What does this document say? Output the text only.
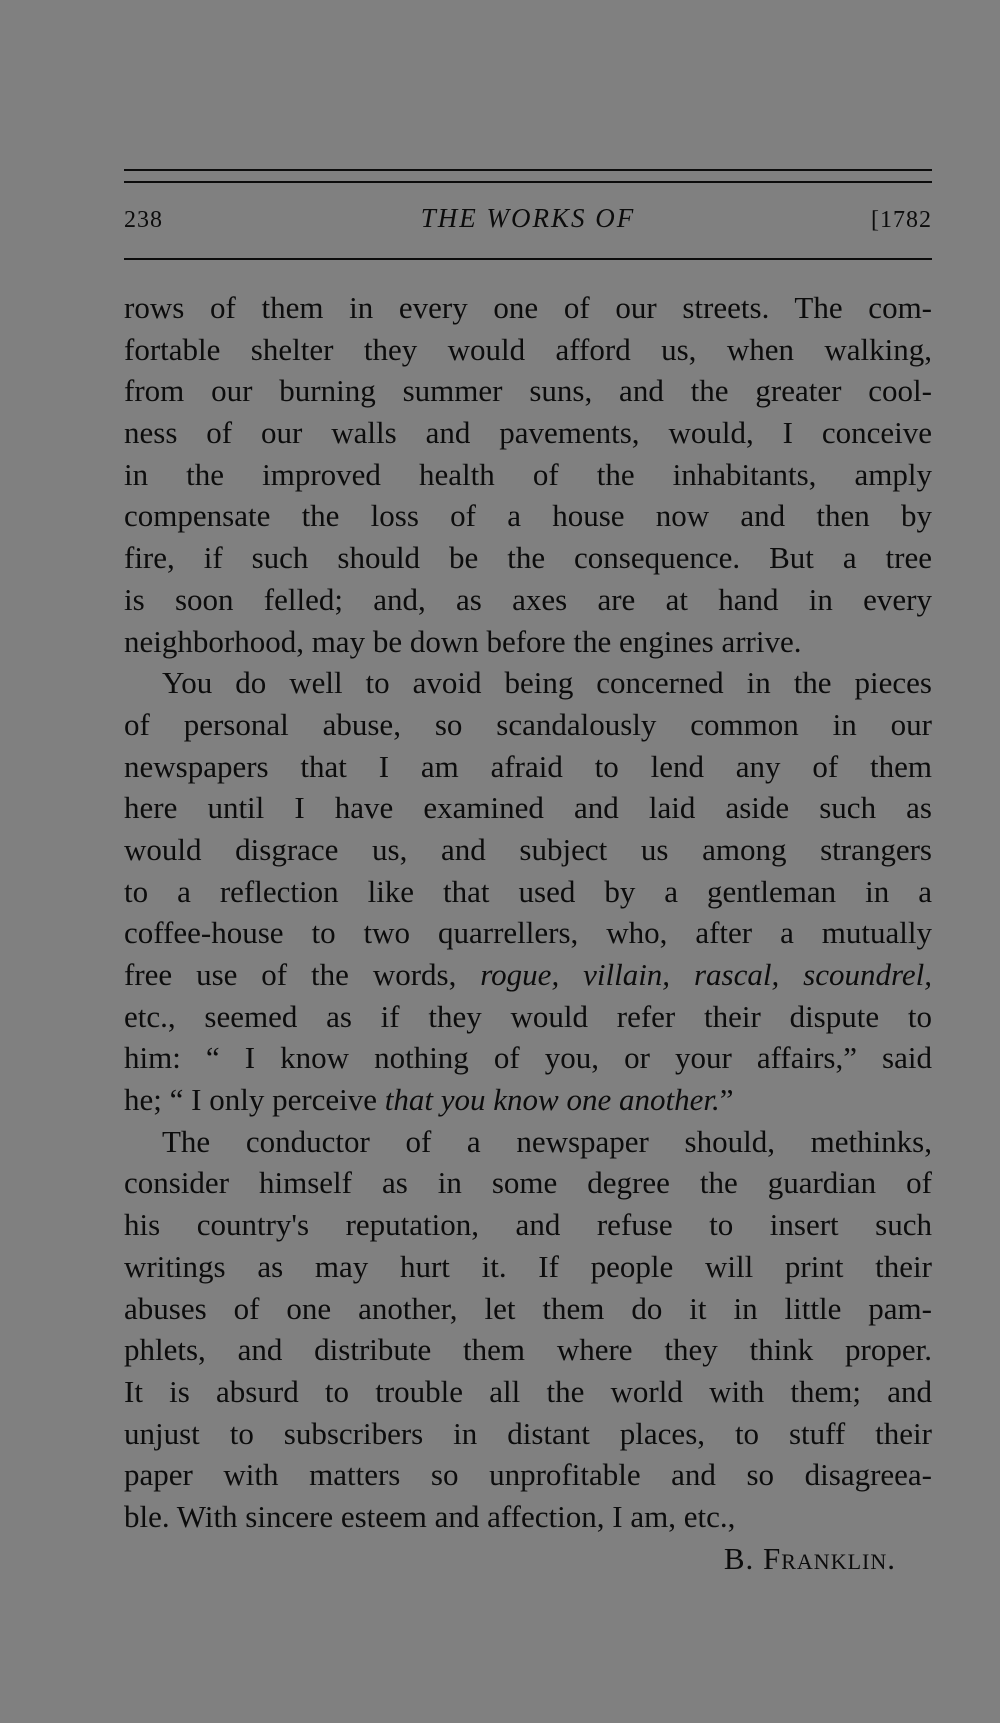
238	THE WORKS OF	[1782
rows of them in every one of our streets. The com-
fortable shelter they would afford us, when walking,
from our burning summer suns, and the greater cool-
ness of our walls and pavements, would, I conceive
in the improved health of the inhabitants, amply
compensate the loss of a house now and then by
fire, if such should be the consequence. But a tree
is soon felled; and, as axes are at hand in every
neighborhood, may be down before the engines arrive.
You do well to avoid being concerned in the pieces
of personal abuse, so scandalously common in our
newspapers that I am afraid to lend any of them
here until I have examined and laid aside such as
would disgrace us, and subject us among strangers
to a reflection like that used by a gentleman in a
coffee-house to two quarrellers, who, after a mutually
free use of the words, rogue, villain, rascal, scoundrel,
etc., seemed as if they would refer their dispute to
him: “ I know nothing of you, or your affairs,” said
he; “ I only perceive that you know one another.”
The conductor of a newspaper should, methinks,
consider himself as in some degree the guardian of
his country's reputation, and refuse to insert such
writings as may hurt it. If people will print their
abuses of one another, let them do it in little pam-
phlets, and distribute them where they think proper.
It is absurd to trouble all the world with them; and
unjust to subscribers in distant places, to stuff their
paper with matters so unprofitable and so disagreea-
ble. With sincere esteem and affection, I am, etc.,
B. Franklin.
